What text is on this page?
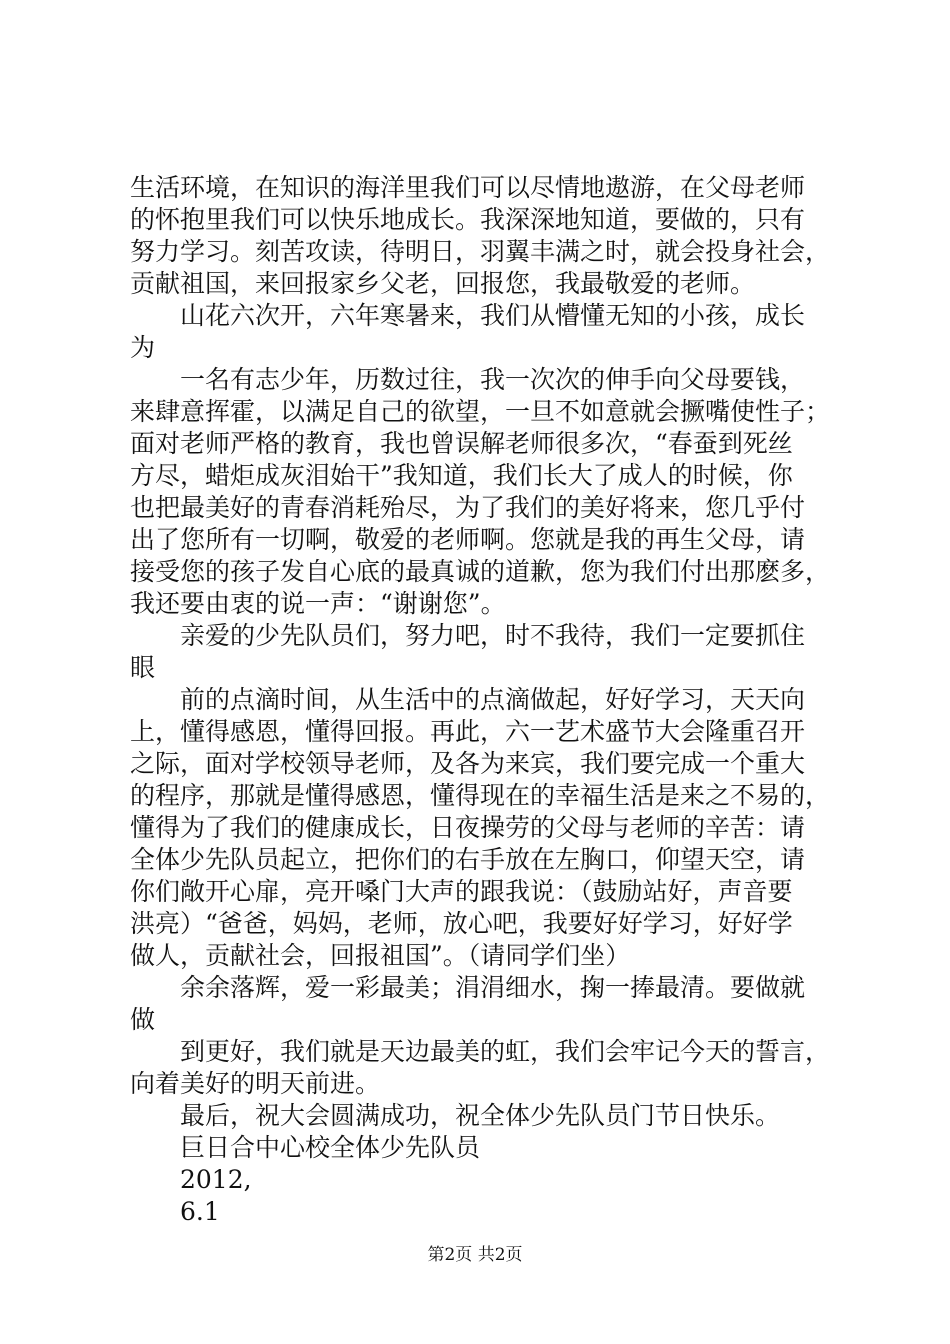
生活环境，在知识的海洋里我们可以尽情地遨游，在父母老师
的怀抱里我们可以快乐地成长。我深深地知道，要做的，只有
努力学习。刻苦攻读，待明日，羽翼丰满之时，就会投身社会，
贡献祖国，来回报家乡父老，回报您，我最敬爱的老师。
山花六次开，六年寒暑来，我们从懵懂无知的小孩，成长
为
一名有志少年，历数过往，我一次次的伸手向父母要钱，
来肆意挥霍，以满足自己的欲望，一旦不如意就会撅嘴使性子；
面对老师严格的教育，我也曾误解老师很多次，“春蚕到死丝
方尽，蜡炬成灰泪始干”我知道，我们长大了成人的时候，你
也把最美好的青春消耗殆尽，为了我们的美好将来，您几乎付
出了您所有一切啊，敬爱的老师啊。您就是我的再生父母，请
接受您的孩子发自心底的最真诚的道歉，您为我们付出那麽多，
我还要由衷的说一声：“谢谢您”。
亲爱的少先队员们，努力吧，时不我待，我们一定要抓住
眼
前的点滴时间，从生活中的点滴做起，好好学习，天天向
上，懂得感恩，懂得回报。再此，六一艺术盛节大会隆重召开
之际，面对学校领导老师，及各为来宾，我们要完成一个重大
的程序，那就是懂得感恩，懂得现在的幸福生活是来之不易的，
懂得为了我们的健康成长，日夜操劳的父母与老师的辛苦：请
全体少先队员起立，把你们的右手放在左胸口，仰望天空，请
你们敞开心扉，亮开嗓门大声的跟我说：（鼓励站好，声音要
洪亮）“爸爸，妈妈，老师，放心吧，我要好好学习，好好学
做人，贡献社会，回报祖国”。（请同学们坐）
余余落辉，爱一彩最美；涓涓细水，掬一捧最清。要做就
做
到更好，我们就是天边最美的虹，我们会牢记今天的誓言，
向着美好的明天前进。
最后，祝大会圆满成功，祝全体少先队员门节日快乐。
巨日合中心校全体少先队员
2012,
6.1
第2页 共2页
